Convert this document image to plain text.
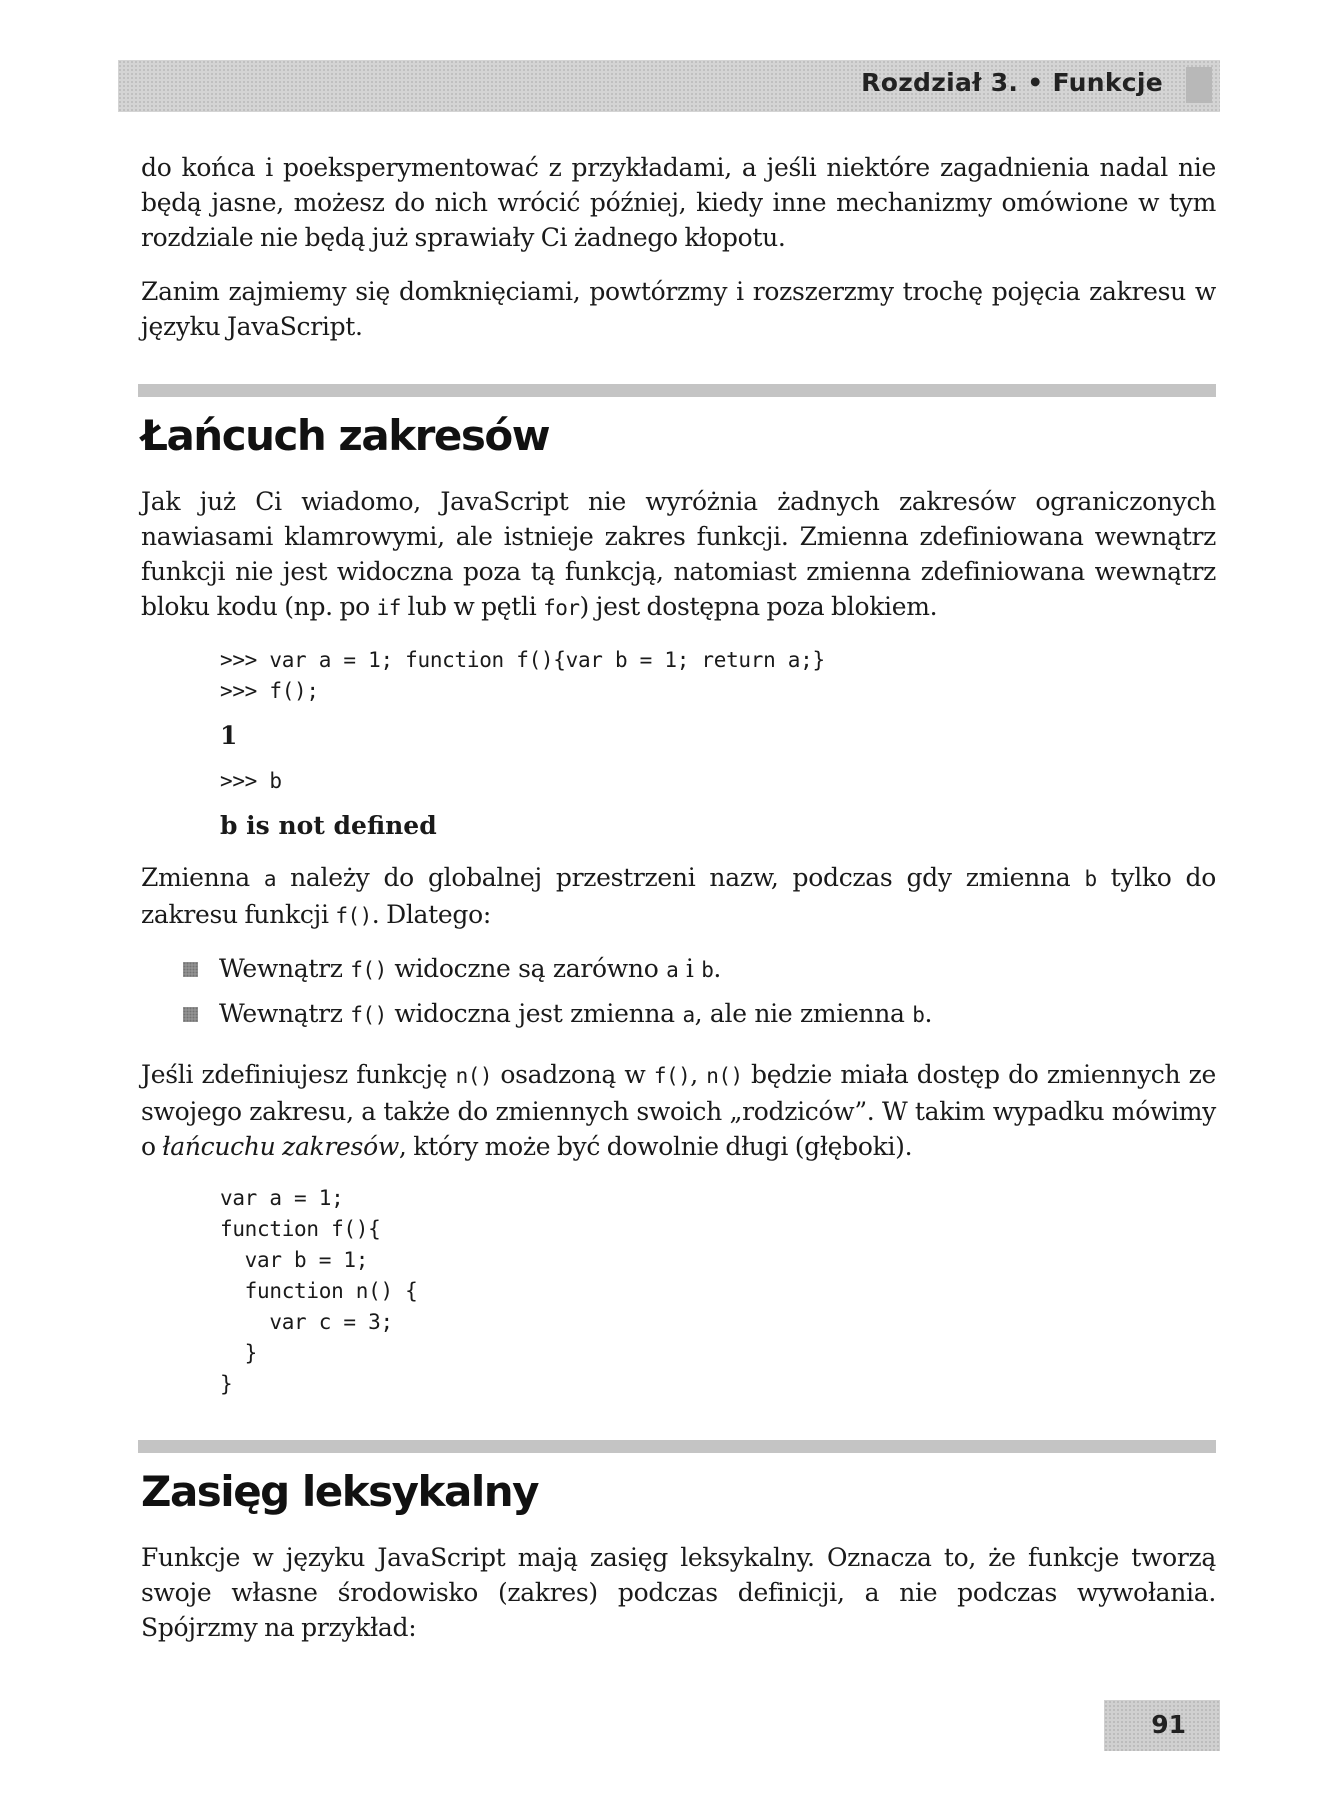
Rozdział 3. • Funkcje

do końca i poeksperymentować z przykładami, a jeśli niektóre zagadnienia nadal nie będą jasne, możesz do nich wrócić później, kiedy inne mechanizmy omówione w tym rozdziale nie będą już sprawiały Ci żadnego kłopotu.

Zanim zajmiemy się domknięciami, powtórzmy i rozszerzmy trochę pojęcia zakresu w języku JavaScript.

Łańcuch zakresów

Jak już Ci wiadomo, JavaScript nie wyróżnia żadnych zakresów ograniczonych nawiasami klamrowymi, ale istnieje zakres funkcji. Zmienna zdefiniowana wewnątrz funkcji nie jest widoczna poza tą funkcją, natomiast zmienna zdefiniowana wewnątrz bloku kodu (np. po if lub w pętli for) jest dostępna poza blokiem.

>>> var a = 1; function f(){var b = 1; return a;}
>>> f();
1
>>> b
b is not defined

Zmienna a należy do globalnej przestrzeni nazw, podczas gdy zmienna b tylko do zakresu funkcji f(). Dlatego:

Wewnątrz f() widoczne są zarówno a i b.
Wewnątrz f() widoczna jest zmienna a, ale nie zmienna b.

Jeśli zdefiniujesz funkcję n() osadzoną w f(), n() będzie miała dostęp do zmiennych ze swojego zakresu, a także do zmiennych swoich „rodziców”. W takim wypadku mówimy o łańcuchu zakresów, który może być dowolnie długi (głęboki).

var a = 1;
function f(){
var b = 1;
function n() {
var c = 3;
}
}
Zasięg leksykalny

Funkcje w języku JavaScript mają zasięg leksykalny. Oznacza to, że funkcje tworzą swoje własne środowisko (zakres) podczas definicji, a nie podczas wywołania. Spójrzmy na przykład:

91
